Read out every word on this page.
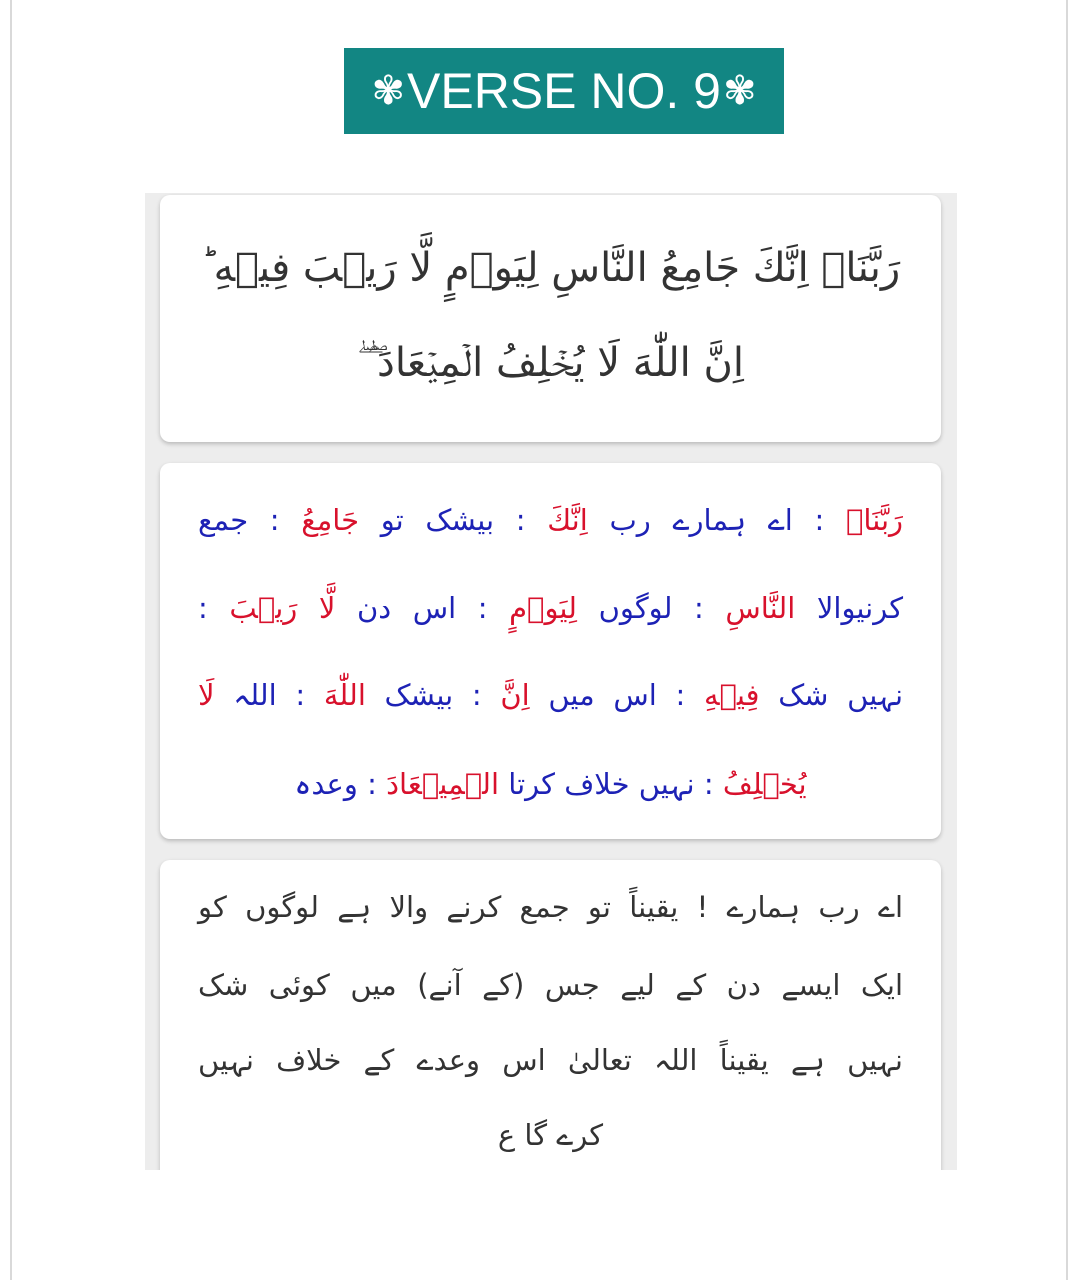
✾ VERSE NO. 9 ✾
رَبَّنَاۤ اِنَّكَ جَامِعُ النَّاسِ لِيَوۡمٍ لَّا رَيۡبَ فِيۡهِ‌ ؕ
اِنَّ اللّٰهَ لَا يُخۡلِفُ الۡمِيۡعَادَ ۖ ۖ
رَبَّنَاۤ : اے ہمارے رب اِنَّكَ : بیشک تو جَامِعُ : جمع
کرنیوالا النَّاسِ : لوگوں لِيَوۡمٍ : اس دن لَّا رَيۡبَ :
نہیں شک فِيۡهِ : اس میں اِنَّ : بیشک اللّٰهَ : اللہ لَا
يُخۡلِفُ : نہیں خلاف کرتا الۡمِيۡعَادَ : وعدہ
اے رب ہمارے ! یقیناً تو جمع کرنے والا ہے لوگوں کو
ایک ایسے دن کے لیے جس (کے آنے) میں کوئی شک
نہیں ہے یقیناً اللہ تعالیٰ اس وعدے کے خلاف نہیں
کرے گا ع
